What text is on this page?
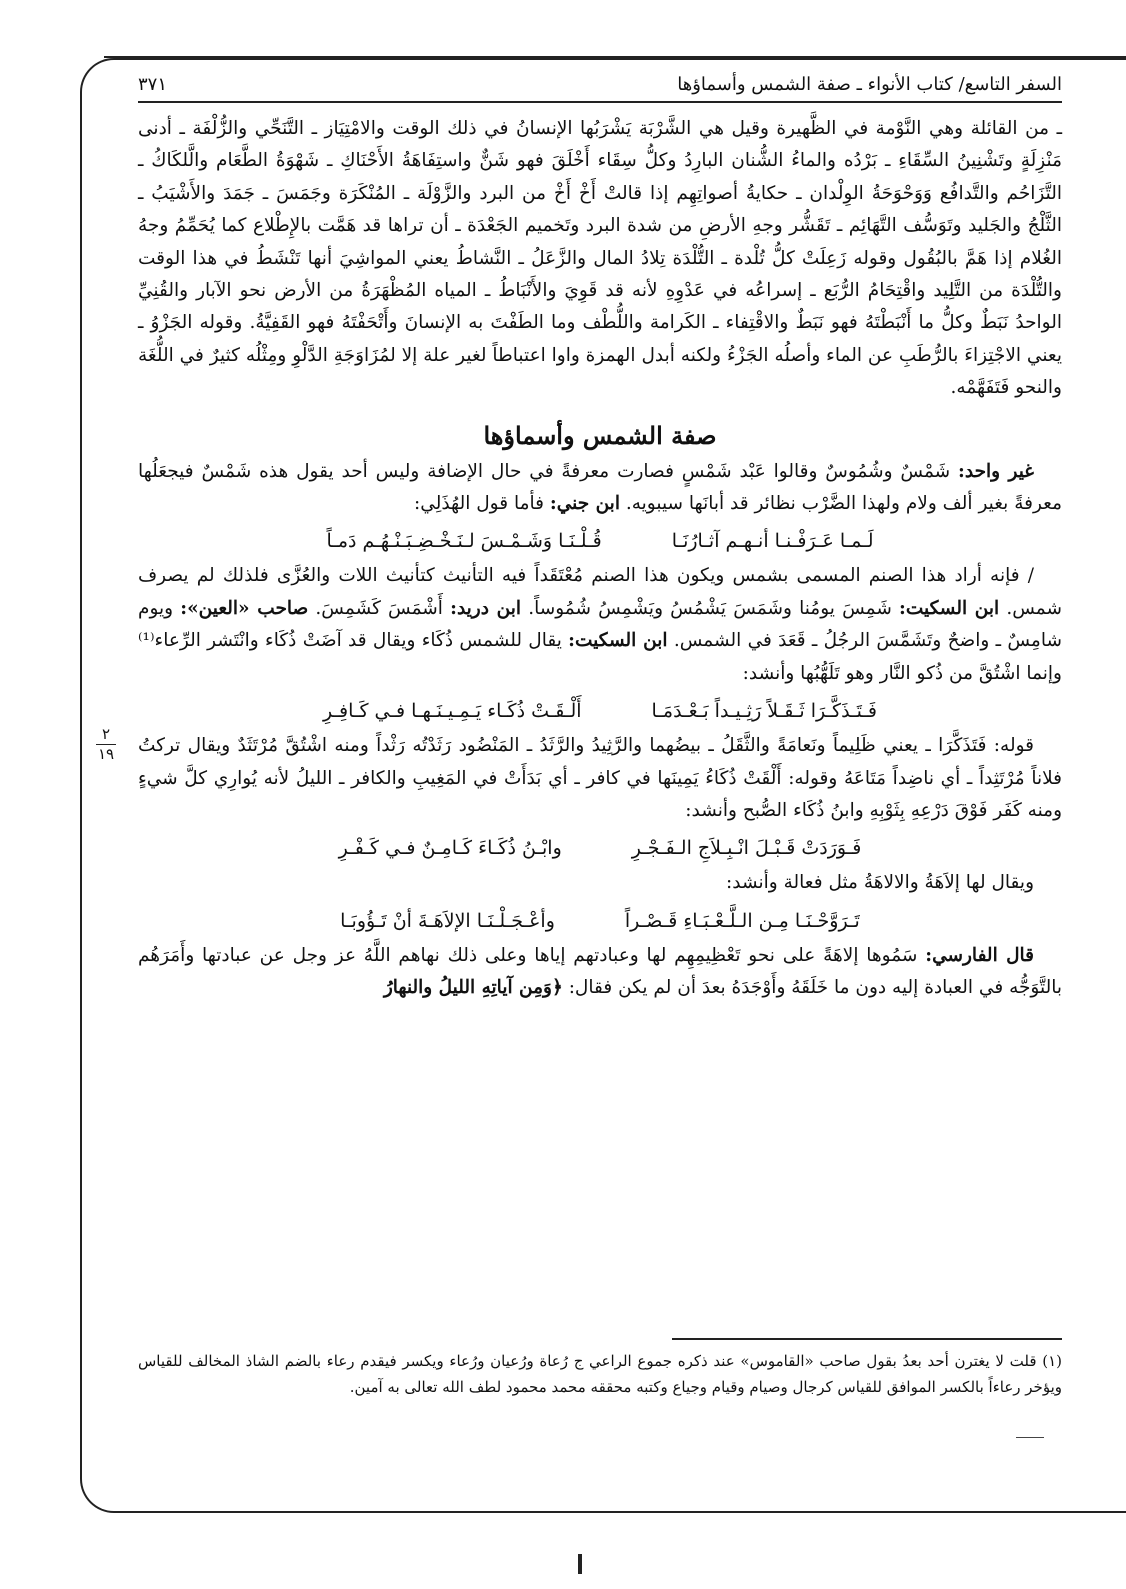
٢
١٩
السفر التاسع/ كتاب الأنواء ـ صفة الشمس وأسماؤها
٣٧١

ـ من القائلة وهي النَّوْمة في الظَّهيرة وقيل هي الشَّرْبَة يَشْرَبُها الإنسانُ في ذلك الوقت والامْتِيَاز ـ التَّنَحِّي والزُّلْفَة ـ أدنى مَنْزِلَةٍ وتَشْنِينُ السِّقَاءِ ـ بَرْدُه والماءُ الشُّنان البارِدُ وكلُّ سِقَاء أَخْلَقَ فهو شَنٌّ واستِفَاهَةُ الأَحْنَاكِ ـ شَهْوَةُ الطَّعَام والَّلكَاكُ ـ التَّزَاحُم والتَّدافُع وَوَحْوَحَةُ الوِلْدان ـ حكايةُ أصواتِهِم إذا قالتْ أَخْ أَخْ من البرد والزَّوْلَة ـ المُنْكَرَة وجَمَسَ ـ جَمَدَ والأَشْيَبُ ـ الثَّلْجُ والجَليد وتَوَسُّف التَّهَائِم ـ تَقَشُّر وجهِ الأرضِ من شدة البرد وتَخميم الجَعْدَة ـ أن تراها قد هَمَّت بالإِطْلاع كما يُحَمِّمُ وجهُ الغُلام إذا هَمَّ بالبُقُول وقوله زَعِلَتْ كلُّ تُلْدة ـ التُّلْدَة تِلادُ المال والزَّعَلُ ـ النَّشاطُ يعني المواشِيَ أنها تَنْشَطُ في هذا الوقت والتُّلْدَة من التَّلِيد واقْتِحَامُ الرُّبَع ـ إسراعُه في عَدْوِهِ لأنه قد قَوِيَ والأَنْبَاطُ ـ المياه المُظْهَرَةُ من الأرض نحو الآبار والقُنِيِّ الواحدُ نَبَطٌ وكلُّ ما أَنْبَطْتَهُ فهو نَبَطٌ والاقْتِفاء ـ الكَرامة واللُّطْف وما الطَفْتَ به الإنسانَ وأَتْحَفْتَهُ فهو القَفِيَّةُ. وقوله الجَزْوُ ـ يعني الاجْتِزاءَ بالرُّطَبِ عن الماء وأصلُه الجَزْءُ ولكنه أبدل الهمزة واوا اعتباطاً لغير علة إلا لمُزَاوَجَةِ الدَّلْوِ ومِثْلُه كثيرٌ في اللُّغَة والنحو فَتَفَهَّمْه.

صفة الشمس وأسماؤها

غير واحد: شَمْسٌ وشُمُوسٌ وقالوا عَبْد شَمْسٍ فصارت معرفةً في حال الإضافة وليس أحد يقول هذه شَمْسٌ فيجعَلُها معرفةً بغير ألف ولام ولهذا الضَّرْب نظائر قد أبانَها سيبويه. ابن جني: فأما قول الهُذَلِي:

لَـمـا عَـرَفْـنـا أنـهـم آثـارُنَـا
قُـلْـنَـا وَشَـمْـسَ لـنَـخْـضِـبَـنْـهُـم دَمـاً

/ فإنه أراد هذا الصنم المسمى بشمس ويكون هذا الصنم مُعْتَقَداً فيه التأنيث كتأنيث اللات والعُزَّى فلذلك لم يصرف شمس. ابن السكيت: شَمِسَ يومُنا وشَمَسَ يَشْمُسُ ويَشْمِسُ شُمُوساً. ابن دريد: أَشْمَسَ كَشَمِسَ. صاحب «العين»: ويوم شامِسٌ ـ واضحٌ وتَشَمَّسَ الرجُلُ ـ قَعَدَ في الشمس. ابن السكيت: يقال للشمس ذُكَاء ويقال قد آضَتْ ذُكَاء وانْتَشر الرِّعاء⁽¹⁾ وإنما اشْتُقَّ من ذُكو النَّار وهو تَلَهُّبُها وأنشد:

فَـتَـذَكَّـرَا ثَـقَـلاً رَثِـيـداً بَـعْـدَمَـا
أَلْـقَـتْ ذُكَـاء يَـمِـيـنَـهـا فـي كَـافِـرِ

قوله: فَتَذَكَّرَا ـ يعني ظَلِيماً ونَعامَةً والثَّقَلُ ـ بيضُهما والرَّثِيدُ والرَّثَدُ ـ المَنْضُود رَثَدْتُه رَثْداً ومنه اشْتُقَّ مُرْتَثَدٌ ويقال تركتُ فلاناً مُرْتَثِداً ـ أي ناضِداً مَتَاعَهُ وقوله: أَلْقَتْ ذُكَاءُ يَمِينَها في كافر ـ أي بَدَأَتْ في المَغِيبِ والكافر ـ الليلُ لأنه يُوارِي كلَّ شيءٍ ومنه كَفَر فَوْقَ دَرْعِهِ بِثَوْبِهِ وابنُ ذُكَاء الصُّبح وأنشد:

فَـوَرَدَتْ قَـبْـلَ انْـبِـلاَجِ الـفَـجْـرِ
وابْـنُ ذُكَـاءَ كَـامِـنٌ فـي كَـفْـرِ

ويقال لها إلاَهَةُ والالاهَةُ مثل فعالة وأنشد:

تَـرَوَّحْـنَـا مِـن الـلَّـعْـبَـاءِ قَـصْـراً
وأعْـجَـلْـنَـا الإلاَهَـةَ أنْ تَـؤُوبَـا

قال الفارسي: سَمُوها إلاهَةً على نحو تَعْظِيمِهِم لها وعبادتهم إياها وعلى ذلك نهاهم اللَّهُ عز وجل عن عبادتها وأَمَرَهُم بالتَّوَجُّه في العبادة إليه دون ما خَلَقَهُ وأَوْجَدَهُ بعدَ أن لم يكن فقال: ﴿وَمِن آياتِهِ الليلُ والنهارُ

(١) قلت لا يغترن أحد بعدُ بقول صاحب «القاموس» عند ذكره جموع الراعي ج رُعاة ورُعيان ورُعاء ويكسر فيقدم رعاء بالضم الشاذ المخالف للقياس ويؤخر رعاءاً بالكسر الموافق للقياس كرجال وصيام وقيام وجياع وكتبه محققه محمد محمود لطف الله تعالى به آمين.
